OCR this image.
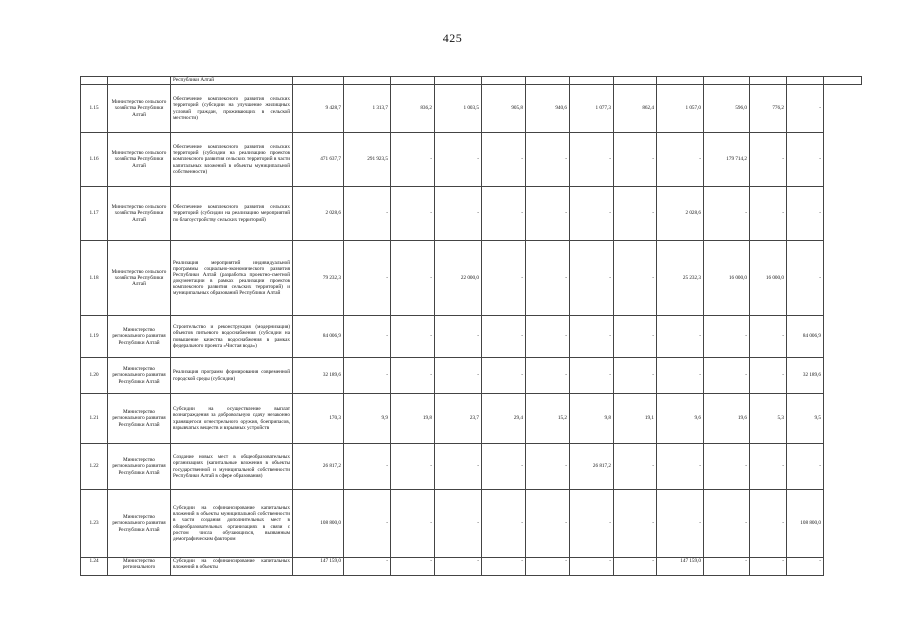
425
		Республики Алтай													
1.15	Министерство сельского хозяйства Республики Алтай	Обеспечение комплексного развития сельских территорий (субсидии на улучшение жилищных условий граждан, проживающих в сельской местности)	9 428,7	1 313,7	836,2	1 003,5	905,8	940,6	1 077,3	862,4	1 057,0	596,0	776,2	-	
1.16	Министерство сельского хозяйства Республики Алтай	Обеспечение комплексного развития сельских территорий (субсидии на реализацию проектов комплексного развития сельских территорий в части капитальных вложений в объекты муниципальной собственности)	471 637,7	291 923,5	-	-	-	-	-	-	-	179 714,2	-	-	
1.17	Министерство сельского хозяйства Республики Алтай	Обеспечение комплексного развития сельских территорий (субсидии на реализацию мероприятий по благоустройству сельских территорий)	2 028,6	-	-	-	-	-	-	-	2 028,6	-	-	-	
1.18	Министерство сельского хозяйства Республики Алтай	Реализация мероприятий индивидуальной программы социально-экономического развития Республики Алтай (разработка проектно-сметной документации в рамках реализации проектов комплексного развития сельских территорий) и муниципальных образований Республики Алтай	79 232,3	-	-	22 000,0	-	-	-	-	25 232,3	16 000,0	16 000,0	-	
1.19	Министерство регионального развития Республики Алтай	Строительство и реконструкция (модернизация) объектов питьевого водоснабжения (субсидии на повышение качества водоснабжения в рамках федерального проекта «Чистая вода»)	84 006,9	-	-	-	-	-	-	-	-	-	-	84 006,9	
1.20	Министерство регионального развития Республики Алтай	Реализация программ формирования современной городской среды (субсидии)	32 189,6	-	-	-	-	-	-	-	-	-	-	32 189,6	
1.21	Министерство регионального развития Республики Алтай	Субсидии на осуществление выплат вознаграждения за добровольную сдачу незаконно хранящегося огнестрельного оружия, боеприпасов, взрывчатых веществ и взрывных устройств	170,3	9,9	19,8	23,7	29,4	15,2	9,8	19,1	9,6	19,6	5,3	9,5	
1.22	Министерство регионального развития Республики Алтай	Создание новых мест в общеобразовательных организациях (капитальные вложения в объекты государственной и муниципальной собственности Республики Алтай в сфере образования)	26 817,2	-	-	-	-	-	26 817,2	-	-	-	-	-	
1.23	Министерство регионального развития Республики Алтай	Субсидии на софинансирование капитальных вложений в объекты муниципальной собственности в части создания дополнительных мест в общеобразовательных организациях в связи с ростом числа обучающихся, вызванным демографическим фактором	108 800,0	-	-	-	-	-	-	-	-	-	-	108 800,0	
1.24	Министерство регионального	Субсидии на софинансирование капитальных вложений в объекты	147 159,0	-	-	-	-	-	-	-	147 159,0	-	-	-	
